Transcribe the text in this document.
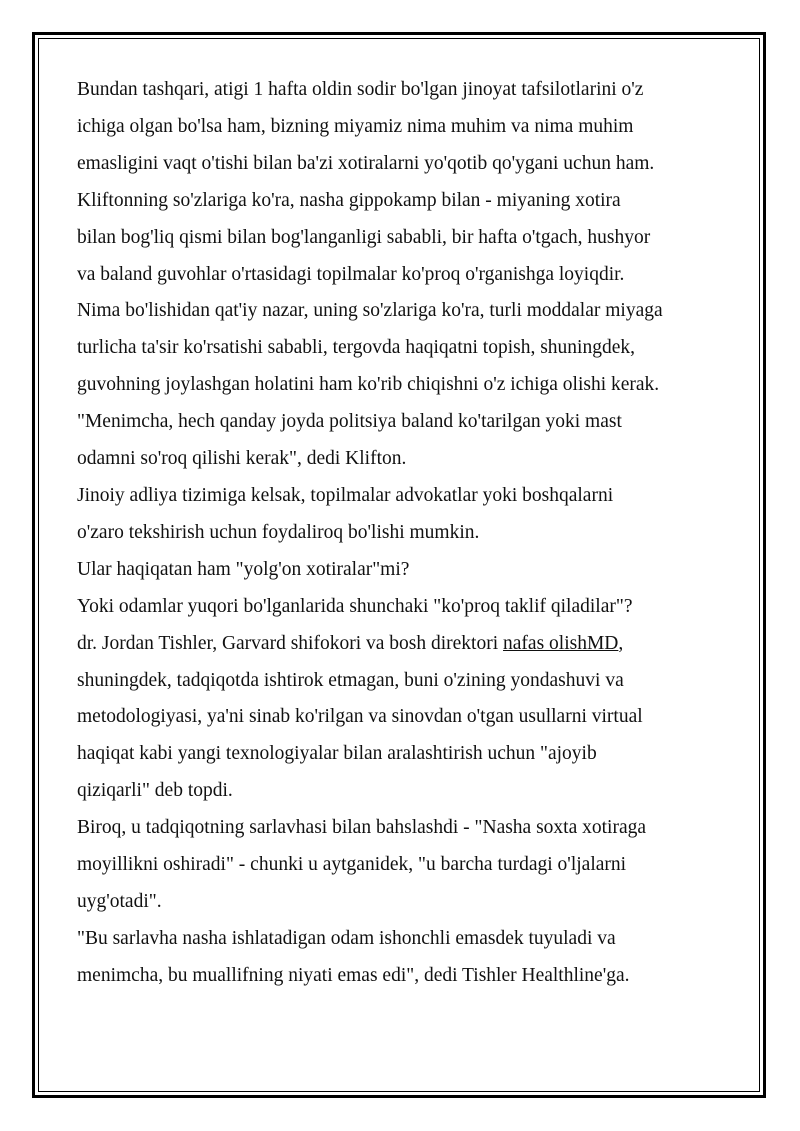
Bundan tashqari, atigi 1 hafta oldin sodir bo'lgan jinoyat tafsilotlarini o'z
ichiga olgan bo'lsa ham, bizning miyamiz nima muhim va nima muhim
emasligini vaqt o'tishi bilan ba'zi xotiralarni yo'qotib qo'ygani uchun ham.
Kliftonning so'zlariga ko'ra, nasha gippokamp bilan - miyaning xotira
bilan bog'liq qismi bilan bog'langanligi sababli, bir hafta o'tgach, hushyor
va baland guvohlar o'rtasidagi topilmalar ko'proq o'rganishga loyiqdir.
Nima bo'lishidan qat'iy nazar, uning so'zlariga ko'ra, turli moddalar miyaga
turlicha ta'sir ko'rsatishi sababli, tergovda haqiqatni topish, shuningdek,
guvohning joylashgan holatini ham ko'rib chiqishni o'z ichiga olishi kerak.
"Menimcha, hech qanday joyda politsiya baland ko'tarilgan yoki mast
odamni so'roq qilishi kerak", dedi Klifton.
Jinoiy adliya tizimiga kelsak, topilmalar advokatlar yoki boshqalarni
o'zaro tekshirish uchun foydaliroq bo'lishi mumkin.
Ular haqiqatan ham "yolg'on xotiralar"mi?
Yoki odamlar yuqori bo'lganlarida shunchaki "ko'proq taklif qiladilar"?
dr. Jordan Tishler, Garvard shifokori va bosh direktori nafas olishMD,
shuningdek, tadqiqotda ishtirok etmagan, buni o'zining yondashuvi va
metodologiyasi, ya'ni sinab ko'rilgan va sinovdan o'tgan usullarni virtual
haqiqat kabi yangi texnologiyalar bilan aralashtirish uchun "ajoyib
qiziqarli" deb topdi.
Biroq, u tadqiqotning sarlavhasi bilan bahslashdi - "Nasha soxta xotiraga
moyillikni oshiradi" - chunki u aytganidek, "u barcha turdagi o'ljalarni
uyg'otadi".
"Bu sarlavha nasha ishlatadigan odam ishonchli emasdek tuyuladi va
menimcha, bu muallifning niyati emas edi", dedi Tishler Healthline'ga.
